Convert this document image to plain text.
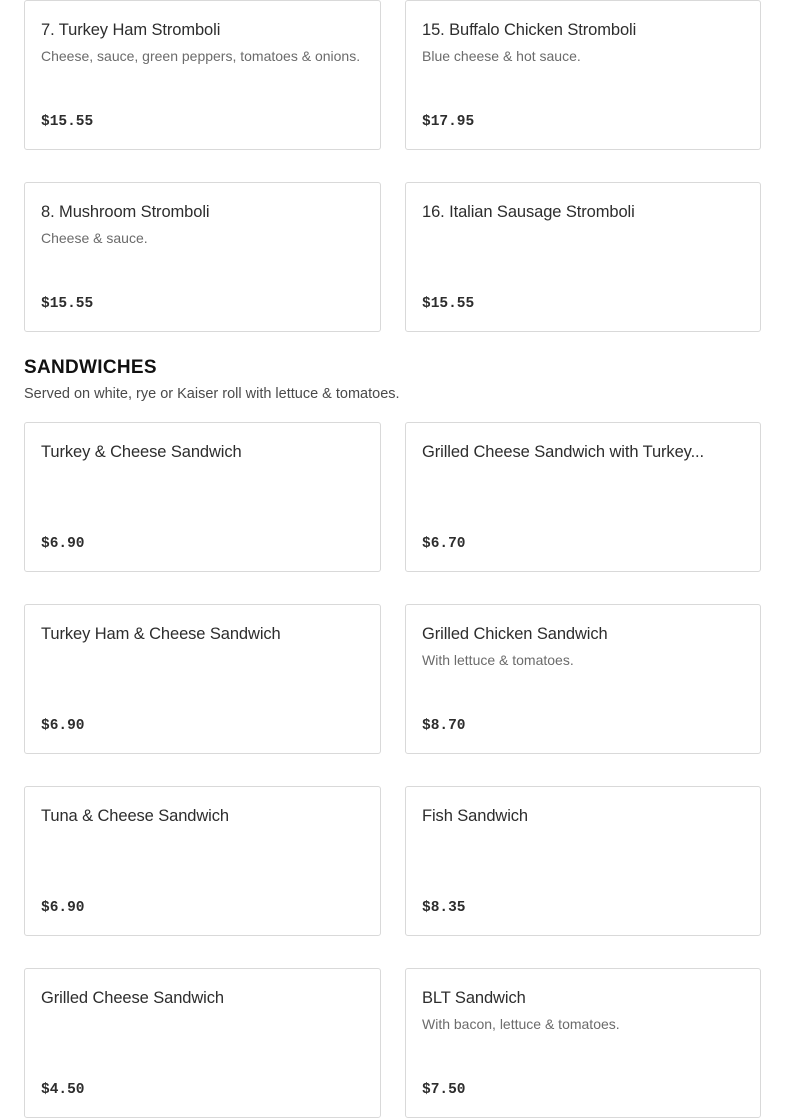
7. Turkey Ham Stromboli
Cheese, sauce, green peppers, tomatoes & onions.
$15.55
15. Buffalo Chicken Stromboli
Blue cheese & hot sauce.
$17.95
8. Mushroom Stromboli
Cheese & sauce.
$15.55
16. Italian Sausage Stromboli
$15.55
SANDWICHES
Served on white, rye or Kaiser roll with lettuce & tomatoes.
Turkey & Cheese Sandwich
$6.90
Grilled Cheese Sandwich with Turkey...
$6.70
Turkey Ham & Cheese Sandwich
$6.90
Grilled Chicken Sandwich
With lettuce & tomatoes.
$8.70
Tuna & Cheese Sandwich
$6.90
Fish Sandwich
$8.35
Grilled Cheese Sandwich
$4.50
BLT Sandwich
With bacon, lettuce & tomatoes.
$7.50
